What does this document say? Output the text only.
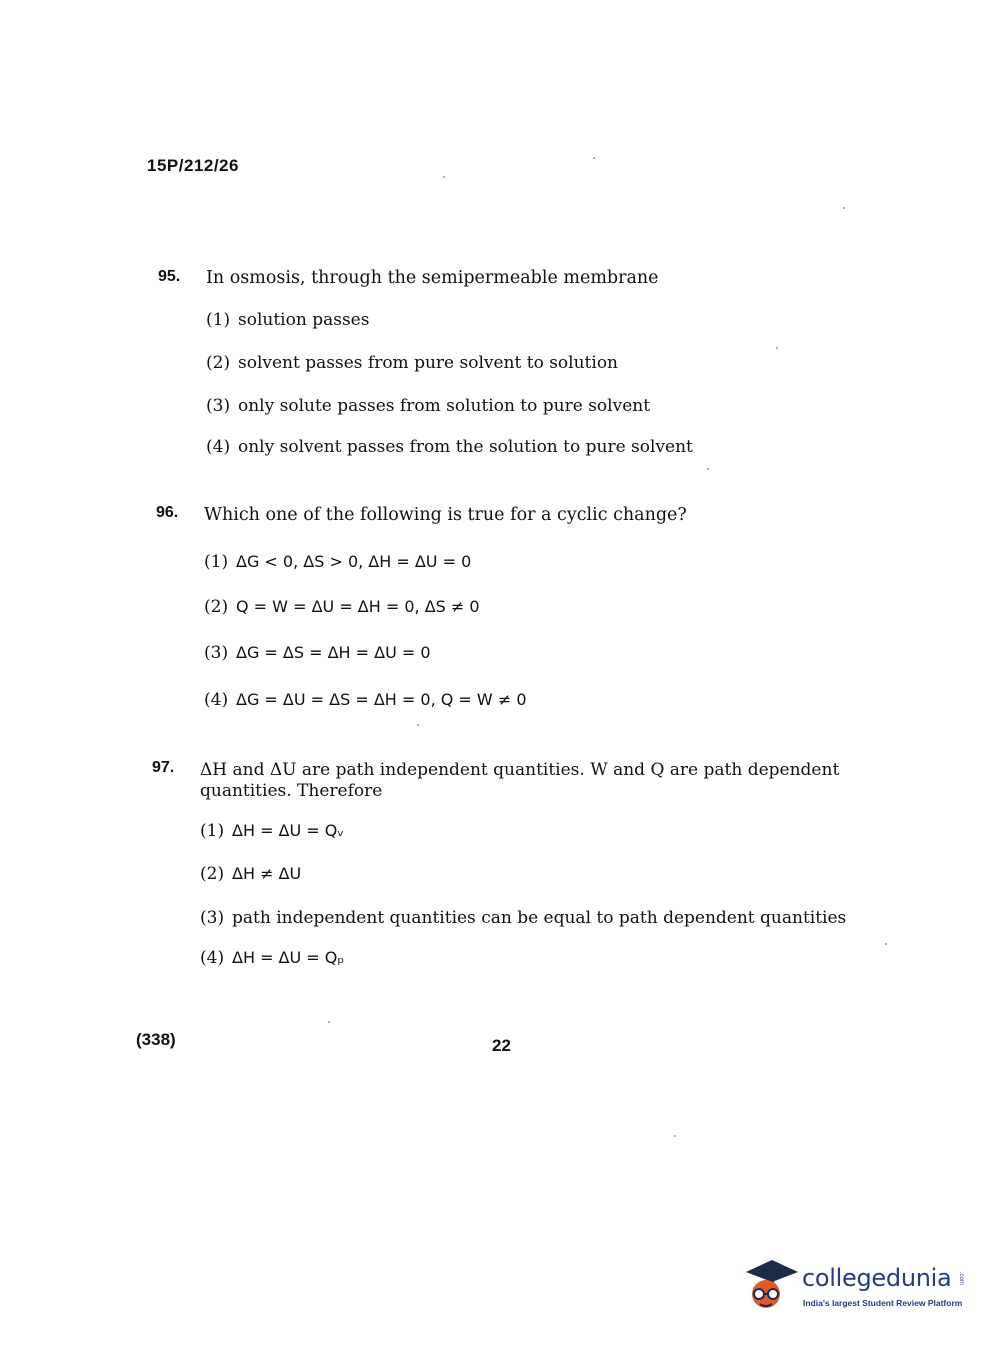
15P/212/26
95. In osmosis, through the semipermeable membrane
(1) solution passes
(2) solvent passes from pure solvent to solution
(3) only solute passes from solution to pure solvent
(4) only solvent passes from the solution to pure solvent
96. Which one of the following is true for a cyclic change?
(1) ΔG < 0, ΔS > 0, ΔH = ΔU = 0
(2) Q = W = ΔU = ΔH = 0, ΔS ≠ 0
(3) ΔG = ΔS = ΔH = ΔU = 0
(4) ΔG = ΔU = ΔS = ΔH = 0, Q = W ≠ 0
97. ΔH and ΔU are path independent quantities. W and Q are path dependent
quantities. Therefore
(1) ΔH = ΔU = Qᵥ
(2) ΔH ≠ ΔU
(3) path independent quantities can be equal to path dependent quantities
(4) ΔH = ΔU = Qₚ
(338)	22
collegedunia .com
India's largest Student Review Platform
